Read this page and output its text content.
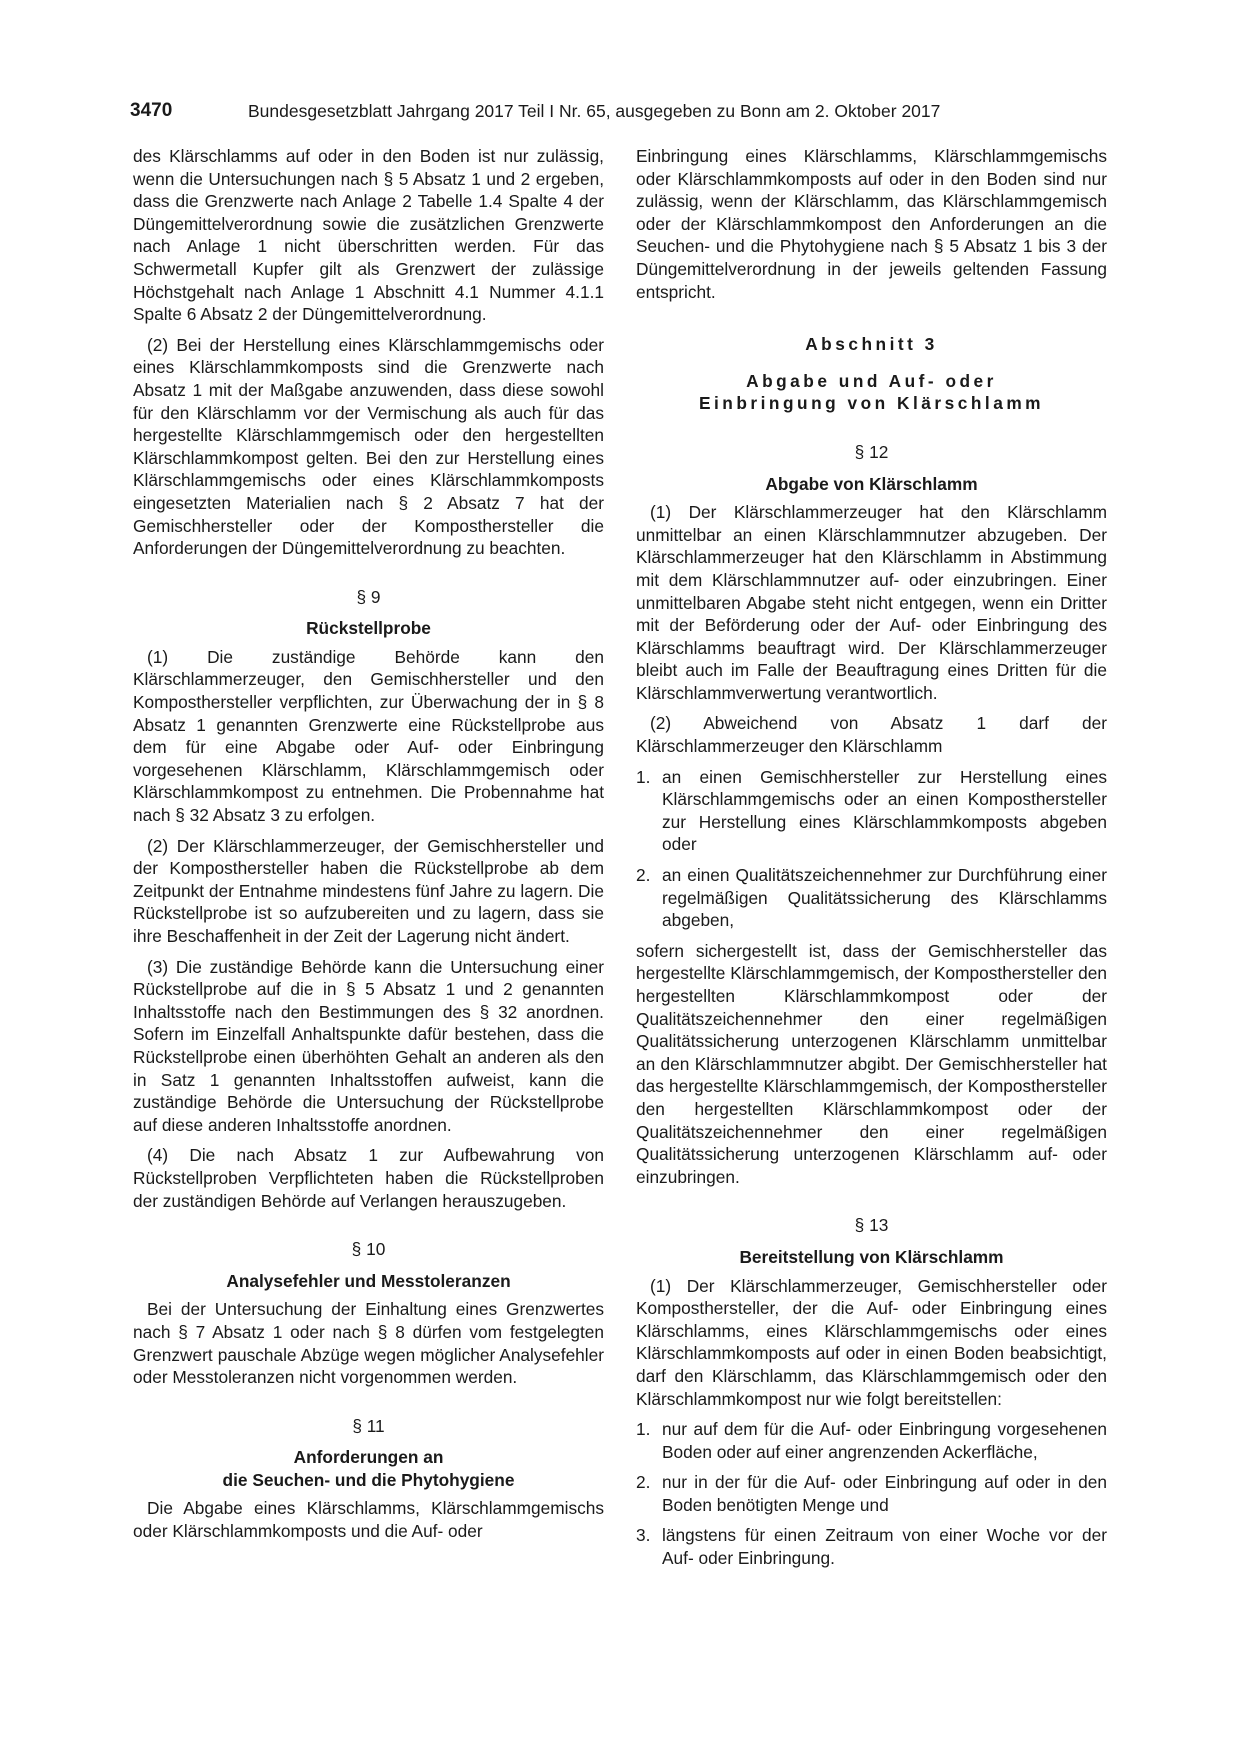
3470	Bundesgesetzblatt Jahrgang 2017 Teil I Nr. 65, ausgegeben zu Bonn am 2. Oktober 2017

des Klärschlamms auf oder in den Boden ist nur zulässig, wenn die Untersuchungen nach § 5 Absatz 1 und 2 ergeben, dass die Grenzwerte nach Anlage 2 Tabelle 1.4 Spalte 4 der Düngemittelverordnung sowie die zusätzlichen Grenzwerte nach Anlage 1 nicht überschritten werden. Für das Schwermetall Kupfer gilt als Grenzwert der zulässige Höchstgehalt nach Anlage 1 Abschnitt 4.1 Nummer 4.1.1 Spalte 6 Absatz 2 der Düngemittelverordnung.

(2) Bei der Herstellung eines Klärschlammgemischs oder eines Klärschlammkomposts sind die Grenzwerte nach Absatz 1 mit der Maßgabe anzuwenden, dass diese sowohl für den Klärschlamm vor der Vermischung als auch für das hergestellte Klärschlammgemisch oder den hergestellten Klärschlammkompost gelten. Bei den zur Herstellung eines Klärschlammgemischs oder eines Klärschlammkomposts eingesetzten Materialien nach § 2 Absatz 7 hat der Gemischhersteller oder der Komposthersteller die Anforderungen der Düngemittelverordnung zu beachten.

§ 9
Rückstellprobe

(1) Die zuständige Behörde kann den Klärschlammerzeuger, den Gemischhersteller und den Komposthersteller verpflichten, zur Überwachung der in § 8 Absatz 1 genannten Grenzwerte eine Rückstellprobe aus dem für eine Abgabe oder Auf- oder Einbringung vorgesehenen Klärschlamm, Klärschlammgemisch oder Klärschlammkompost zu entnehmen. Die Probennahme hat nach § 32 Absatz 3 zu erfolgen.

(2) Der Klärschlammerzeuger, der Gemischhersteller und der Komposthersteller haben die Rückstellprobe ab dem Zeitpunkt der Entnahme mindestens fünf Jahre zu lagern. Die Rückstellprobe ist so aufzubereiten und zu lagern, dass sie ihre Beschaffenheit in der Zeit der Lagerung nicht ändert.

(3) Die zuständige Behörde kann die Untersuchung einer Rückstellprobe auf die in § 5 Absatz 1 und 2 genannten Inhaltsstoffe nach den Bestimmungen des § 32 anordnen. Sofern im Einzelfall Anhaltspunkte dafür bestehen, dass die Rückstellprobe einen überhöhten Gehalt an anderen als den in Satz 1 genannten Inhaltsstoffen aufweist, kann die zuständige Behörde die Untersuchung der Rückstellprobe auf diese anderen Inhaltsstoffe anordnen.

(4) Die nach Absatz 1 zur Aufbewahrung von Rückstellproben Verpflichteten haben die Rückstellproben der zuständigen Behörde auf Verlangen herauszugeben.

§ 10
Analysefehler und Messtoleranzen

Bei der Untersuchung der Einhaltung eines Grenzwertes nach § 7 Absatz 1 oder nach § 8 dürfen vom festgelegten Grenzwert pauschale Abzüge wegen möglicher Analysefehler oder Messtoleranzen nicht vorgenommen werden.

§ 11
Anforderungen an
die Seuchen- und die Phytohygiene

Die Abgabe eines Klärschlamms, Klärschlammgemischs oder Klärschlammkomposts und die Auf- oder

Einbringung eines Klärschlamms, Klärschlammgemischs oder Klärschlammkomposts auf oder in den Boden sind nur zulässig, wenn der Klärschlamm, das Klärschlammgemisch oder der Klärschlammkompost den Anforderungen an die Seuchen- und die Phytohygiene nach § 5 Absatz 1 bis 3 der Düngemittelverordnung in der jeweils geltenden Fassung entspricht.

Abschnitt 3
Abgabe und Auf- oder
Einbringung von Klärschlamm
§ 12
Abgabe von Klärschlamm

(1) Der Klärschlammerzeuger hat den Klärschlamm unmittelbar an einen Klärschlammnutzer abzugeben. Der Klärschlammerzeuger hat den Klärschlamm in Abstimmung mit dem Klärschlammnutzer auf- oder einzubringen. Einer unmittelbaren Abgabe steht nicht entgegen, wenn ein Dritter mit der Beförderung oder der Auf- oder Einbringung des Klärschlamms beauftragt wird. Der Klärschlammerzeuger bleibt auch im Falle der Beauftragung eines Dritten für die Klärschlammverwertung verantwortlich.

(2) Abweichend von Absatz 1 darf der Klärschlammerzeuger den Klärschlamm

1. an einen Gemischhersteller zur Herstellung eines Klärschlammgemischs oder an einen Komposthersteller zur Herstellung eines Klärschlammkomposts abgeben oder
2. an einen Qualitätszeichennehmer zur Durchführung einer regelmäßigen Qualitätssicherung des Klärschlamms abgeben,

sofern sichergestellt ist, dass der Gemischhersteller das hergestellte Klärschlammgemisch, der Komposthersteller den hergestellten Klärschlammkompost oder der Qualitätszeichennehmer den einer regelmäßigen Qualitätssicherung unterzogenen Klärschlamm unmittelbar an den Klärschlammnutzer abgibt. Der Gemischhersteller hat das hergestellte Klärschlammgemisch, der Komposthersteller den hergestellten Klärschlammkompost oder der Qualitätszeichennehmer den einer regelmäßigen Qualitätssicherung unterzogenen Klärschlamm auf- oder einzubringen.

§ 13
Bereitstellung von Klärschlamm

(1) Der Klärschlammerzeuger, Gemischhersteller oder Komposthersteller, der die Auf- oder Einbringung eines Klärschlamms, eines Klärschlammgemischs oder eines Klärschlammkomposts auf oder in einen Boden beabsichtigt, darf den Klärschlamm, das Klärschlammgemisch oder den Klärschlammkompost nur wie folgt bereitstellen:

1. nur auf dem für die Auf- oder Einbringung vorgesehenen Boden oder auf einer angrenzenden Ackerfläche,
2. nur in der für die Auf- oder Einbringung auf oder in den Boden benötigten Menge und
3. längstens für einen Zeitraum von einer Woche vor der Auf- oder Einbringung.
